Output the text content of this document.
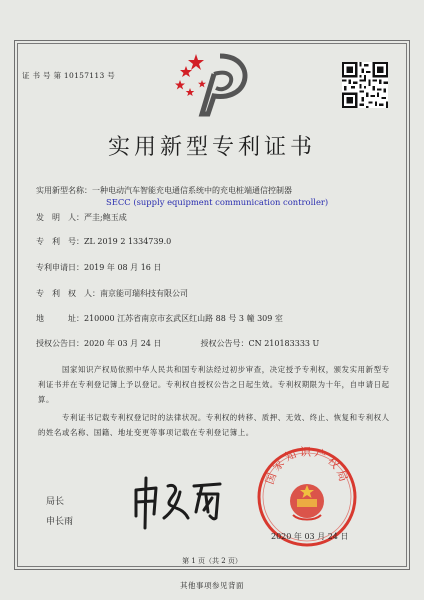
证 书 号 第 10157113 号
实用新型专利证书
实用新型名称：一种电动汽车智能充电通信系统中的充电桩端通信控制器
SECC (supply equipment communication controller)
发　明　人：严圭;鲍玉成
专　利　号：ZL 2019 2 1334739.0
专利申请日：2019 年 08 月 16 日
专　利　权　人：南京能可瑞科技有限公司
地　　　址：210000 江苏省南京市玄武区红山路 88 号 3 幢 309 室
授权公告日：2020 年 03 月 24 日	授权公告号：CN 210183333 U
国家知识产权局依照中华人民共和国专利法经过初步审查，决定授予专利权，颁发实用新型专利证书并在专利登记簿上予以登记。专利权自授权公告之日起生效。专利权期限为十年，自申请日起算。
专利证书记载专利权登记时的法律状况。专利权的转移、质押、无效、终止、恢复和专利权人的姓名或名称、国籍、地址变更等事项记载在专利登记簿上。
局长
申长雨
国家知识产权局
2020 年 03 月 24 日
第 1 页（共 2 页）
其他事项参见背面
